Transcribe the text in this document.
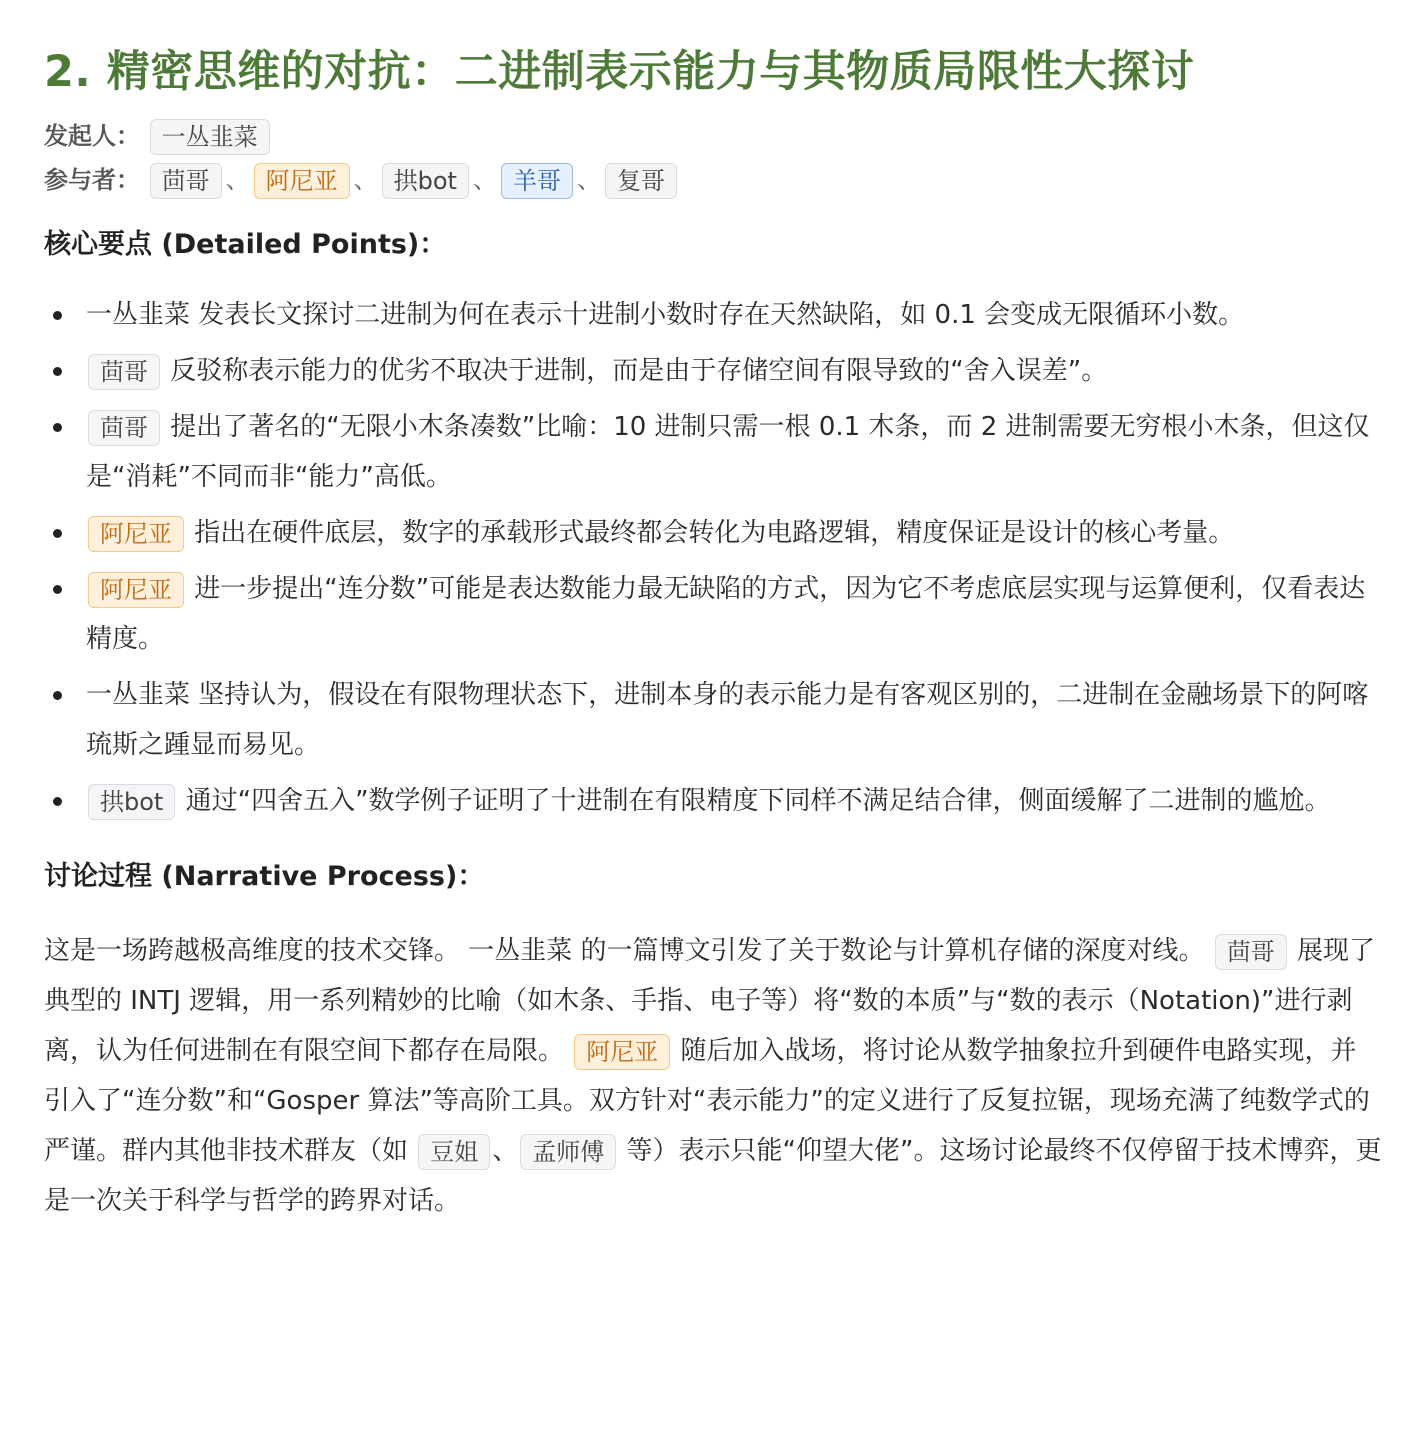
2. 精密思维的对抗：二进制表示能力与其物质局限性大探讨
发起人： 一丛韭菜
参与者： 茴哥 、 阿尼亚 、 拱bot 、 羊哥 、 复哥
核心要点 (Detailed Points)：
一丛韭菜 发表长文探讨二进制为何在表示十进制小数时存在天然缺陷，如 0.1 会变成无限循环小数。
茴哥 反驳称表示能力的优劣不取决于进制，而是由于存储空间有限导致的“舍入误差”。
茴哥 提出了著名的“无限小木条凑数”比喻：10 进制只需一根 0.1 木条，而 2 进制需要无穷根小木条，但这仅是“消耗”不同而非“能力”高低。
阿尼亚 指出在硬件底层，数字的承载形式最终都会转化为电路逻辑，精度保证是设计的核心考量。
阿尼亚 进一步提出“连分数”可能是表达数能力最无缺陷的方式，因为它不考虑底层实现与运算便利，仅看表达精度。
一丛韭菜 坚持认为，假设在有限物理状态下，进制本身的表示能力是有客观区别的，二进制在金融场景下的阿喀琉斯之踵显而易见。
拱bot 通过“四舍五入”数学例子证明了十进制在有限精度下同样不满足结合律，侧面缓解了二进制的尴尬。
讨论过程 (Narrative Process)：
这是一场跨越极高维度的技术交锋。 一丛韭菜 的一篇博文引发了关于数论与计算机存储的深度对线。 茴哥 展现了典型的 INTJ 逻辑，用一系列精妙的比喻（如木条、手指、电子等）将“数的本质”与“数的表示（Notation)”进行剥离，认为任何进制在有限空间下都存在局限。 阿尼亚 随后加入战场，将讨论从数学抽象拉升到硬件电路实现，并引入了“连分数”和“Gosper 算法”等高阶工具。双方针对“表示能力”的定义进行了反复拉锯，现场充满了纯数学式的严谨。群内其他非技术群友（如 豆姐 、 孟师傅 等）表示只能“仰望大佬”。这场讨论最终不仅停留于技术博弈，更是一次关于科学与哲学的跨界对话。
